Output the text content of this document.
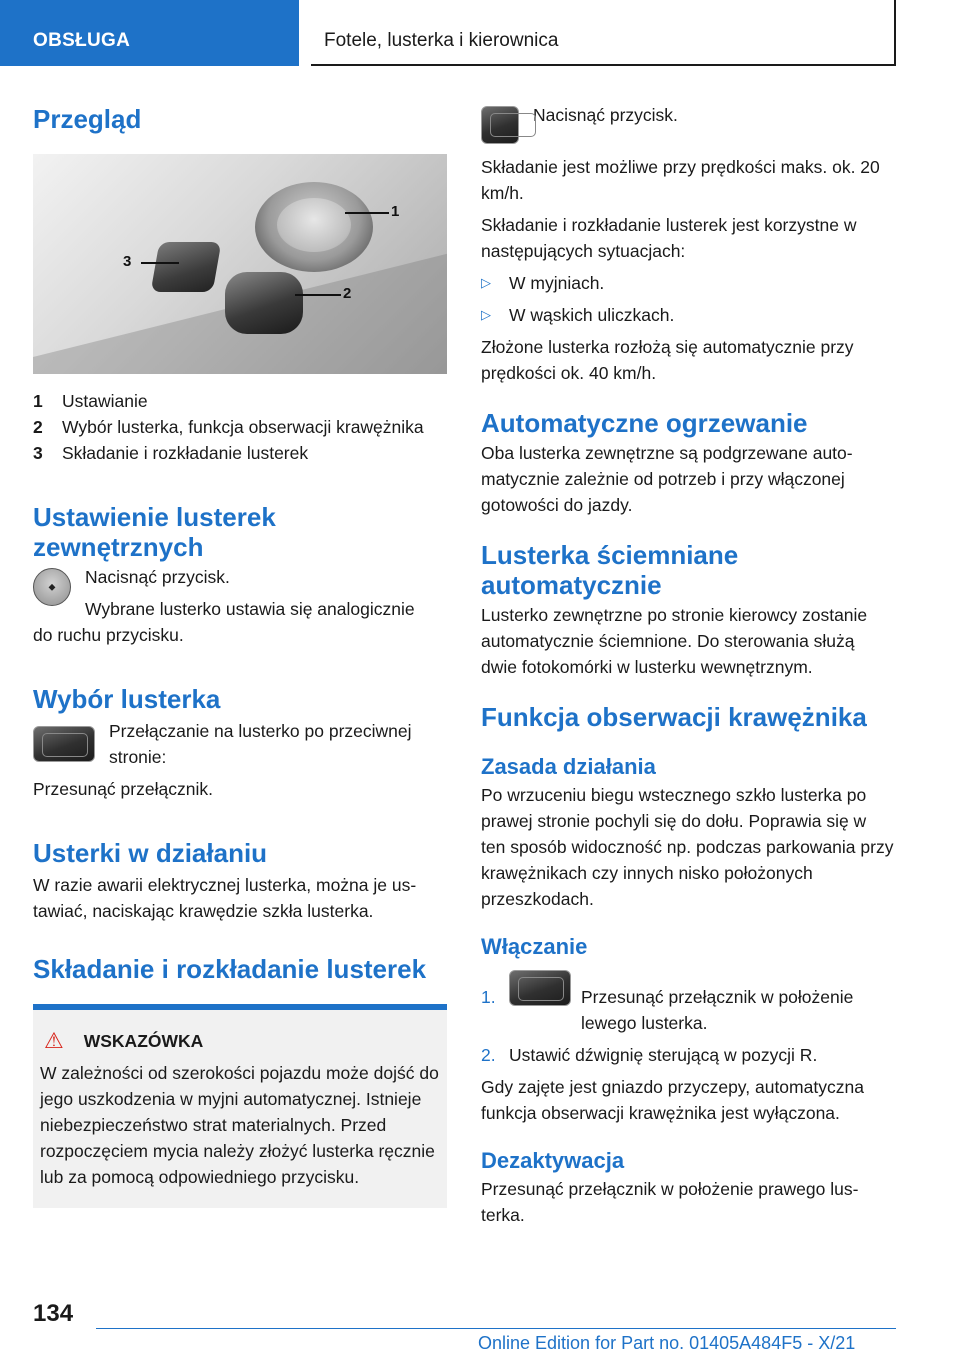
OBSŁUGA	Fotele, lusterka i kierownica
Przegląd
1
2
3
1	Ustawianie
2	Wybór lusterka, funkcja obserwacji krawężnika
3	Składanie i rozkładanie lusterek
Ustawienie lusterek zewnętrznych
⬥	Nacisnąć przycisk.

Wybrane lusterko ustawia się analogicznie

do ruchu przycisku.

Wybór lusterka

Przełączanie na lusterko po przeciwnej stronie:

Przesunąć przełącznik.

Usterki w działaniu

W razie awarii elektrycznej lusterka, można je ustawiać, naciskając krawędzie szkła lusterka.

Składanie i rozkładanie lusterek
⚠ WSKAZÓWKA

W zależności od szerokości pojazdu może dojść do jego uszkodzenia w myjni automatycznej. Istnieje niebezpieczeństwo strat materialnych. Przed rozpoczęciem mycia należy złożyć lusterka ręcznie lub za pomocą odpowiedniego przycisku.

Nacisnąć przycisk.

Składanie jest możliwe przy prędkości maks. ok. 20 km/h.

Składanie i rozkładanie lusterek jest korzystne w następujących sytuacjach:

▷	W myjniach.
▷	W wąskich uliczkach.

Złożone lusterka rozłożą się automatycznie przy prędkości ok. 40 km/h.

Automatyczne ogrzewanie

Oba lusterka zewnętrzne są podgrzewane automatycznie zależnie od potrzeb i przy włączonej gotowości do jazdy.

Lusterka ściemniane automatycznie

Lusterko zewnętrzne po stronie kierowcy zostanie automatycznie ściemnione. Do sterowania służą dwie fotokomórki w lusterku wewnętrznym.

Funkcja obserwacji krawężnika
Zasada działania

Po wrzuceniu biegu wstecznego szkło lusterka po prawej stronie pochyli się do dołu. Poprawia się w ten sposób widoczność np. podczas parkowania przy krawężnikach czy innych nisko położonych przeszkodach.

Włączanie
1.	Przesunąć przełącznik w położenie lewego lusterka.
2. Ustawić dźwignię sterującą w pozycji R.

Gdy zajęte jest gniazdo przyczepy, automatyczna funkcja obserwacji krawężnika jest wyłączona.

Dezaktywacja

Przesunąć przełącznik w położenie prawego lusterka.

134
Online Edition for Part no. 01405A484F5 - X/21
